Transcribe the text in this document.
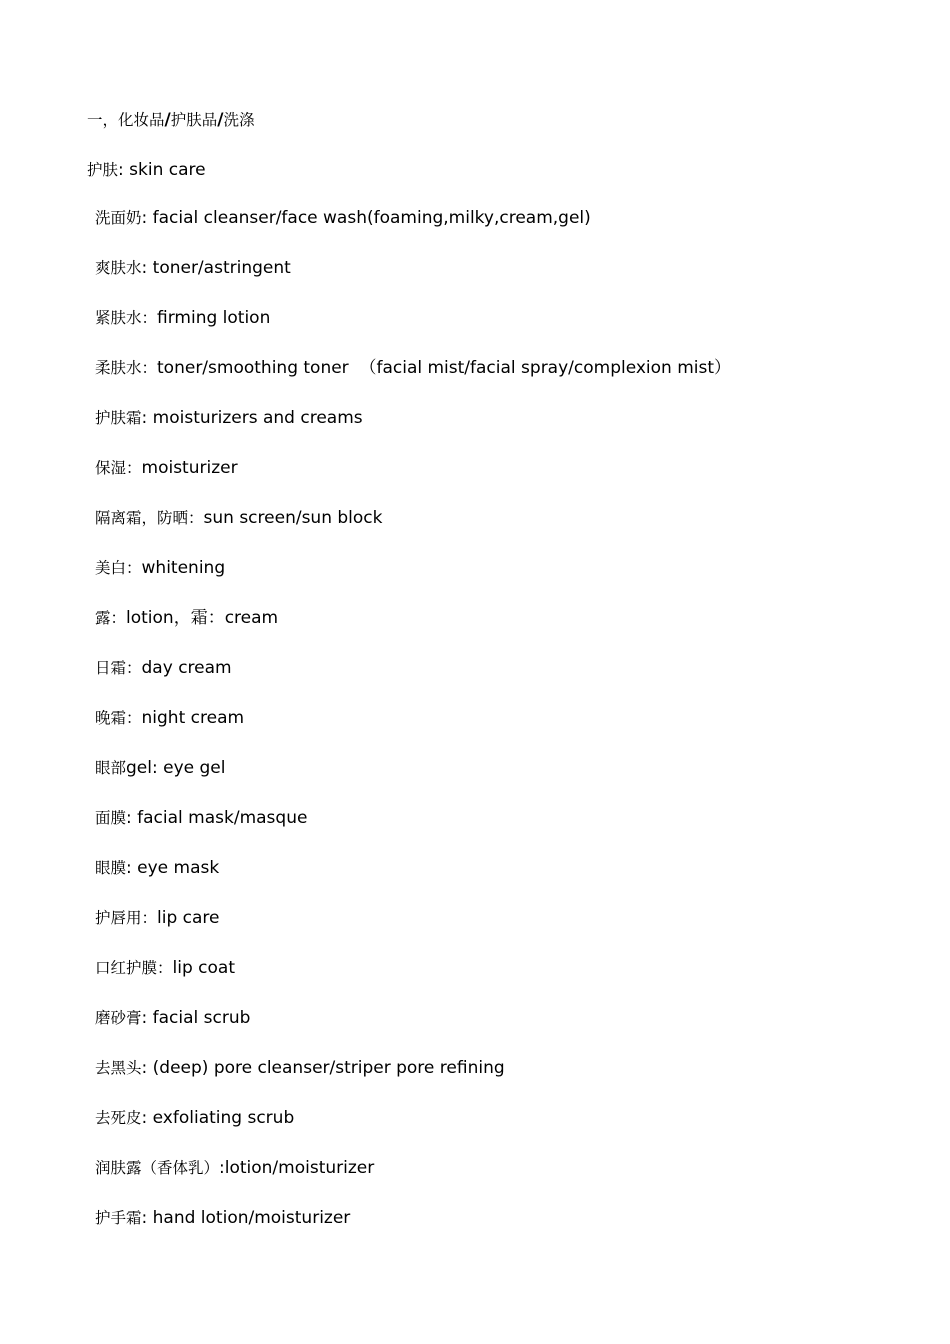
一，化妆品/护肤品/洗涤
护肤: skin care
洗面奶: facial cleanser/face wash(foaming,milky,cream,gel)
爽肤水: toner/astringent
紧肤水：firming lotion
柔肤水：toner/smoothing toner  （facial mist/facial spray/complexion mist）
护肤霜: moisturizers and creams
保湿：moisturizer
隔离霜，防晒：sun screen/sun block
美白：whitening
露：lotion，霜：cream
日霜：day cream
晚霜：night cream
眼部gel: eye gel
面膜: facial mask/masque
眼膜: eye mask
护唇用：lip care
口红护膜：lip coat
磨砂膏: facial scrub
去黑头: (deep) pore cleanser/striper pore refining
去死皮: exfoliating scrub
润肤露（香体乳）:lotion/moisturizer
护手霜: hand lotion/moisturizer
